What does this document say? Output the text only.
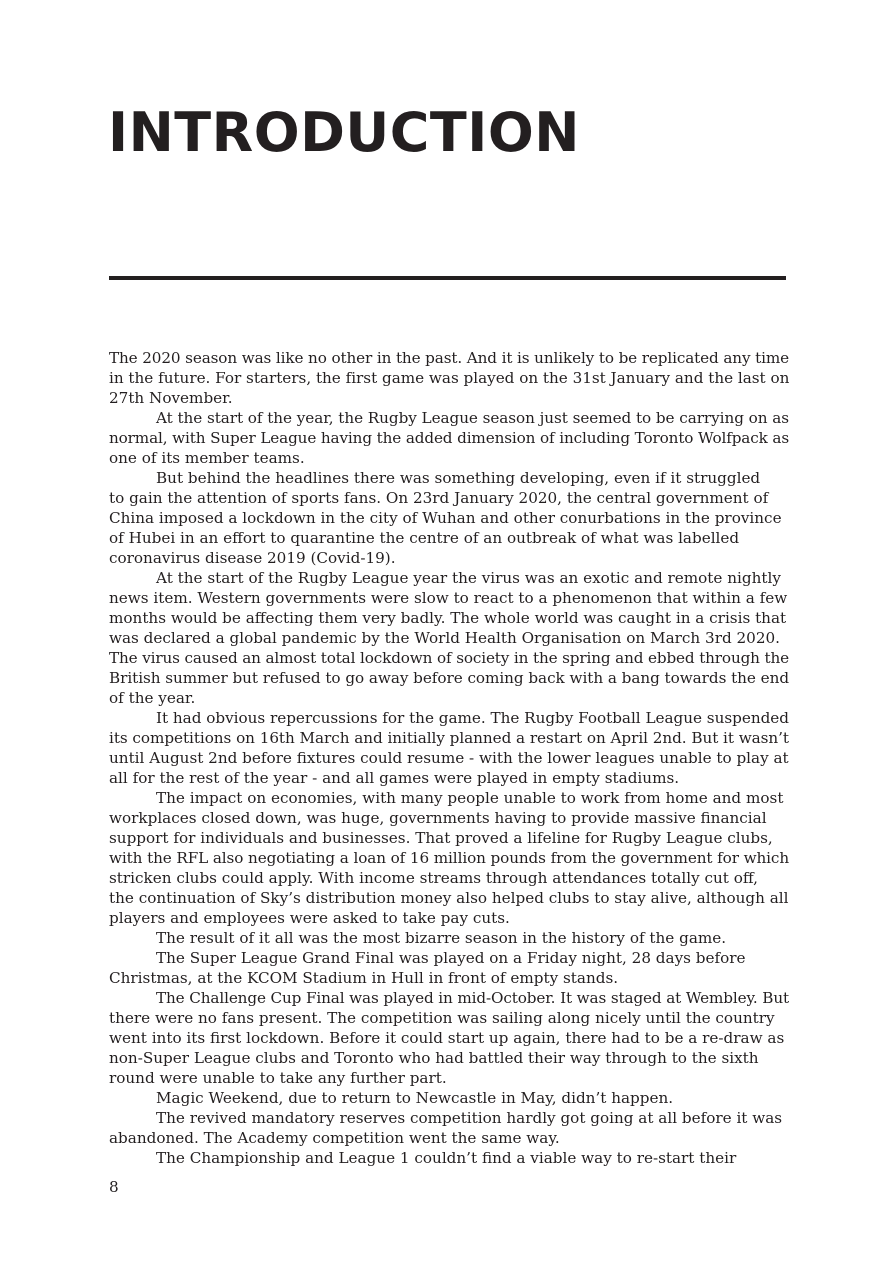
INTRODUCTION
The 2020 season was like no other in the past. And it is unlikely to be replicated any time
in the future. For starters, the first game was played on the 31st January and the last on
27th November.
At the start of the year, the Rugby League season just seemed to be carrying on as
normal, with Super League having the added dimension of including Toronto Wolfpack as
one of its member teams.
But behind the headlines there was something developing, even if it struggled
to gain the attention of sports fans. On 23rd January 2020, the central government of
China imposed a lockdown in the city of Wuhan and other conurbations in the province
of Hubei in an effort to quarantine the centre of an outbreak of what was labelled
coronavirus disease 2019 (Covid-19).
At the start of the Rugby League year the virus was an exotic and remote nightly
news item. Western governments were slow to react to a phenomenon that within a few
months would be affecting them very badly. The whole world was caught in a crisis that
was declared a global pandemic by the World Health Organisation on March 3rd 2020.
The virus caused an almost total lockdown of society in the spring and ebbed through the
British summer but refused to go away before coming back with a bang towards the end
of the year.
It had obvious repercussions for the game. The Rugby Football League suspended
its competitions on 16th March and initially planned a restart on April 2nd. But it wasn’t
until August 2nd before fixtures could resume - with the lower leagues unable to play at
all for the rest of the year - and all games were played in empty stadiums.
The impact on economies, with many people unable to work from home and most
workplaces closed down, was huge, governments having to provide massive financial
support for individuals and businesses. That proved a lifeline for Rugby League clubs,
with the RFL also negotiating a loan of 16 million pounds from the government for which
stricken clubs could apply. With income streams through attendances totally cut off,
the continuation of Sky’s distribution money also helped clubs to stay alive, although all
players and employees were asked to take pay cuts.
The result of it all was the most bizarre season in the history of the game.
The Super League Grand Final was played on a Friday night, 28 days before
Christmas, at the KCOM Stadium in Hull in front of empty stands.
The Challenge Cup Final was played in mid-October. It was staged at Wembley. But
there were no fans present. The competition was sailing along nicely until the country
went into its first lockdown. Before it could start up again, there had to be a re-draw as
non-Super League clubs and Toronto who had battled their way through to the sixth
round were unable to take any further part.
Magic Weekend, due to return to Newcastle in May, didn’t happen.
The revived mandatory reserves competition hardly got going at all before it was
abandoned. The Academy competition went the same way.
The Championship and League 1 couldn’t find a viable way to re-start their
8
